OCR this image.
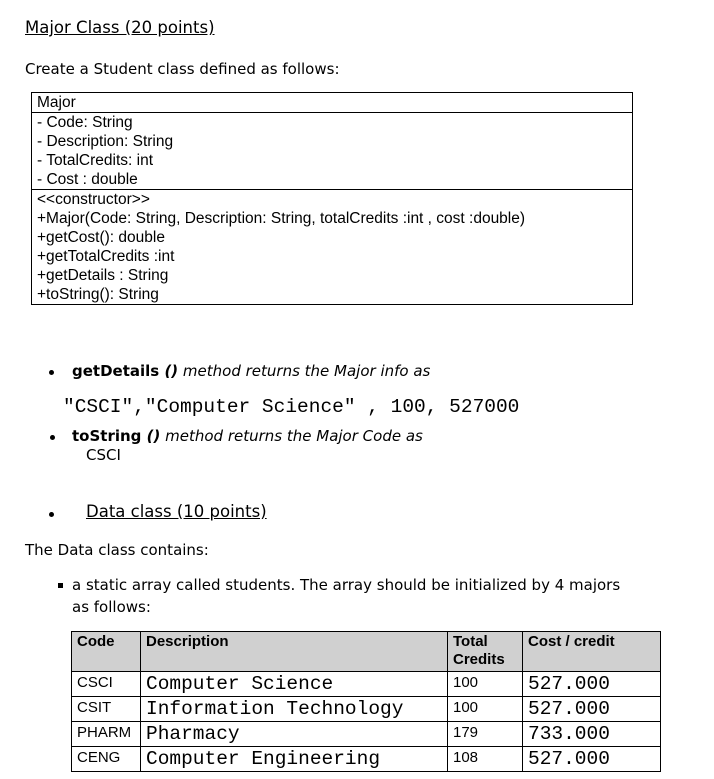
Major Class (20 points)
Create a Student class defined as follows:
Major
- Code: String
- Description: String
- TotalCredits: int
- Cost : double
<<constructor>>
+Major(Code: String, Description: String, totalCredits :int , cost :double)
+getCost(): double
+getTotalCredits :int
+getDetails : String
+toString(): String
getDetails () method returns the Major info as
"CSCI","Computer Science" , 100, 527000
toString () method returns the Major Code as
CSCI
Data class (10 points)
The Data class contains:
a static array called students. The array should be initialized by 4 majors
as follows:
Code	Description	Total Credits	Cost / credit
CSCI	Computer Science	100	527.000
CSIT	Information Technology	100	527.000
PHARM	Pharmacy	179	733.000
CENG	Computer Engineering	108	527.000
